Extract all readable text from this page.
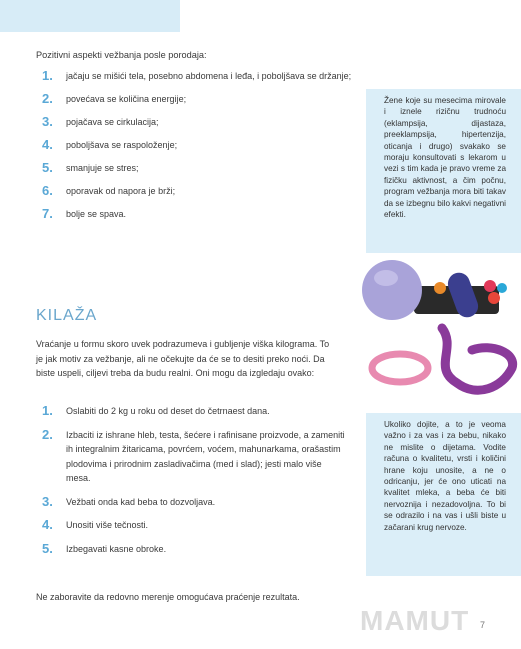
Pozitivni aspekti vežbanja posle porodaja:
1.	jačaju se mišići tela, posebno abdomena i leđa, i poboljšava se držanje;
2.	povećava se količina energije;
3.	pojačava se cirkulacija;
4.	poboljšava se raspoloženje;
5.	smanjuje se stres;
6.	oporavak od napora je brži;
7.	bolje se spava.
KILAŽA
Vraćanje u formu skoro uvek podrazumeva i gubljenje viška kilograma. To je jak motiv za vežbanje, ali ne očekujte da će se to desiti preko noći. Da biste uspeli, ciljevi treba da budu realni. Oni mogu da izgledaju ovako:
1.	Oslabiti do 2 kg u roku od deset do četrnaest dana.
2.	Izbaciti iz ishrane hleb, testa, šećere i rafinisane proizvode, a zameniti ih integralnim žitaricama, povrćem, voćem, mahunarkama, orašastim plodovima i prirodnim zasladivačima (med i slad); jesti malo više mesa.
3.	Vežbati onda kad beba to dozvoljava.
4.	Unositi više tečnosti.
5.	Izbegavati kasne obroke.
Ne zaboravite da redovno merenje omogućava praćenje rezultata.
Žene koje su mesecima mirovale i iznele rizičnu trudnoću (eklampsija, dijastaza, preeklampsija, hipertenzija, oticanja i drugo) svakako se moraju konsultovati s lekarom u vezi s tim kada je pravo vreme za fizičku aktivnost, a čim počnu, program vežbanja mora biti takav da se izbegnu bilo kakvi negativni efekti.
Ukoliko dojite, a to je veoma važno i za vas i za bebu, nikako ne mislite o dijetama. Vodite računa o kvalitetu, vrsti i količini hrane koju unosite, a ne o odricanju, jer će ono uticati na kvalitet mleka, a beba će biti nervozniјa i nezadovoljna. To bi se odrazilo i na vas i ušli biste u začarani krug nervoze.
MAMUT 7
